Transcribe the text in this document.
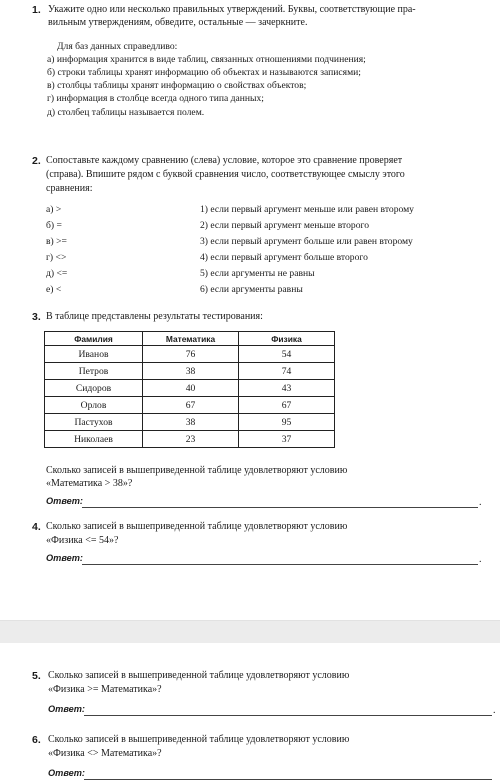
1. Укажите одно или несколько правильных утверждений. Буквы, соответствующие пра-
вильным утверждениям, обведите, остальные — зачеркните.
Для баз данных справедливо:
а) информация хранится в виде таблиц, связанных отношениями подчинения;
б) строки таблицы хранят информацию об объектах и называются записями;
в) столбцы таблицы хранят информацию о свойствах объектов;
г) информация в столбце всегда одного типа данных;
д) столбец таблицы называется полем.
2. Сопоставьте каждому сравнению (слева) условие, которое это сравнение проверяет
(справа). Впишите рядом с буквой сравнения число, соответствующее смыслу этого
сравнения:
а) >
б) =
в) >=
г) <>
д) <=
е) <
1) если первый аргумент меньше или равен второму
2) если первый аргумент меньше второго
3) если первый аргумент больше или равен второму
4) если первый аргумент больше второго
5) если аргументы не равны
6) если аргументы равны
3. В таблице представлены результаты тестирования:
Фамилия	Математика	Физика
Иванов	76	54
Петров	38	74
Сидоров	40	43
Орлов	67	67
Пастухов	38	95
Николаев	23	37
Сколько записей в вышеприведенной таблице удовлетворяют условию
«Математика > 38»?
Ответ:	.
4. Сколько записей в вышеприведенной таблице удовлетворяют условию
«Физика <= 54»?
Ответ:	.
5. Сколько записей в вышеприведенной таблице удовлетворяют условию
«Физика >= Математика»?
Ответ:	.
6. Сколько записей в вышеприведенной таблице удовлетворяют условию
«Физика <> Математика»?
Ответ:
